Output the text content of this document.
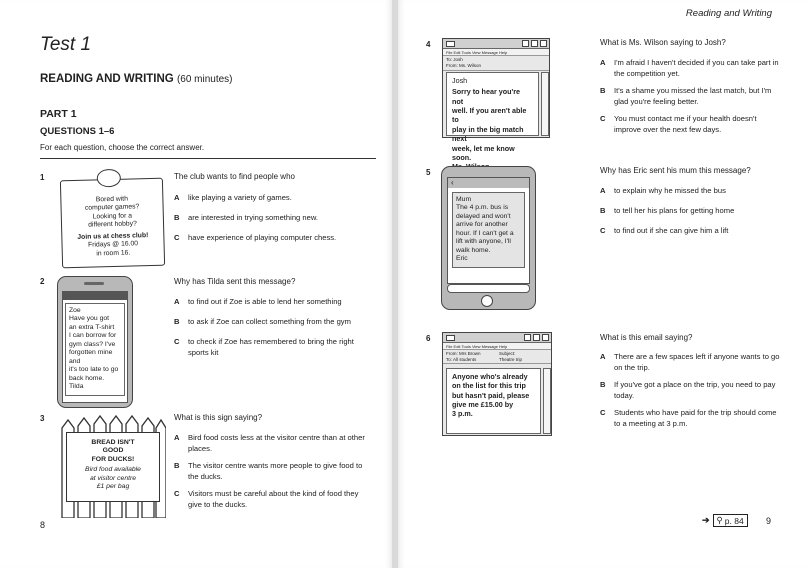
Test 1
READING AND WRITING (60 minutes)
PART 1
QUESTIONS 1–6
For each question, choose the correct answer.
1
Bored with
computer games?
Looking for a
different hobby?
Join us at chess club!
Fridays @ 16.00
in room 16.
The club wants to find people who
A	like playing a variety of games.
B	are interested in trying something new.
C	have experience of playing computer chess.
2
Zoe
Have you got
an extra T-shirt
I can borrow for
gym class? I've
forgotten mine and
it's too late to go
back home.
Tilda
Why has Tilda sent this message?
A	to find out if Zoe is able to lend her something
B	to ask if Zoe can collect something from the gym
C	to check if Zoe has remembered to bring the right sports kit
3
BREAD ISN'T
GOOD
FOR DUCKS!
Bird food available
at visitor centre
£1 per bag
What is this sign saying?
A	Bird food costs less at the visitor centre than at other places.
B	The visitor centre wants more people to give food to the ducks.
C	Visitors must be careful about the kind of food they give to the ducks.
8
Reading and Writing
4
File Edit Tools View Message Help
To: Josh
From: Ms. Wilson
Josh
Sorry to hear you're not
well. If you aren't able to
play in the big match next
week, let me know soon.
What is Ms. Wilson saying to Josh?
A	I'm afraid I haven't decided if you can take part in the competition yet.
B	It's a shame you missed the last match, but I'm glad you're feeling better.
C	You must contact me if your health doesn't improve over the next few days.
5
‹
Mum
The 4 p.m. bus is
delayed and won't
arrive for another
hour. If I can't get a
lift with anyone, I'll
walk home.
Eric
Why has Eric sent his mum this message?
A	to explain why he missed the bus
B	to tell her his plans for getting home
C	to find out if she can give him a lift
6
File Edit Tools View Message Help
From: Mrs Brown
To: All students
Subject:
Theatre trip
Anyone who's already
on the list for this trip
but hasn't paid, please
give me £15.00 by
3 p.m.
What is this email saying?
A	There are a few spaces left if anyone wants to go on the trip.
B	If you've got a place on the trip, you need to pay today.
C	Students who have paid for the trip should come to a meeting at 3 p.m.
➔ ⚲ p. 84 9
